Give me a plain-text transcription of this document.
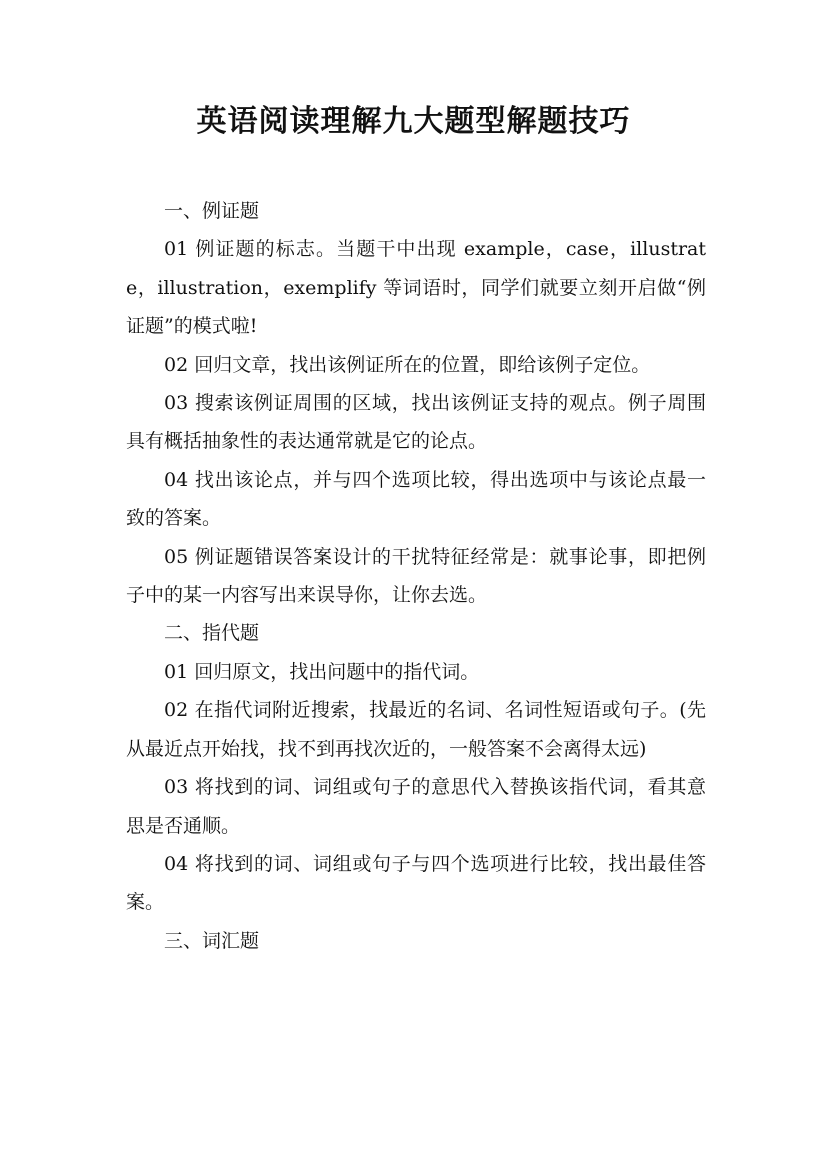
英语阅读理解九大题型解题技巧

一、例证题

01 例证题的标志。当题干中出现 example，case，illustrate，illustration，exemplify 等词语时，同学们就要立刻开启做“例证题”的模式啦!

02 回归文章，找出该例证所在的位置，即给该例子定位。

03 搜索该例证周围的区域，找出该例证支持的观点。例子周围具有概括抽象性的表达通常就是它的论点。

04 找出该论点，并与四个选项比较，得出选项中与该论点最一致的答案。

05 例证题错误答案设计的干扰特征经常是：就事论事，即把例子中的某一内容写出来误导你，让你去选。

二、指代题

01 回归原文，找出问题中的指代词。

02 在指代词附近搜索，找最近的名词、名词性短语或句子。(先从最近点开始找，找不到再找次近的，一般答案不会离得太远)

03 将找到的词、词组或句子的意思代入替换该指代词，看其意思是否通顺。

04 将找到的词、词组或句子与四个选项进行比较，找出最佳答案。

三、词汇题
